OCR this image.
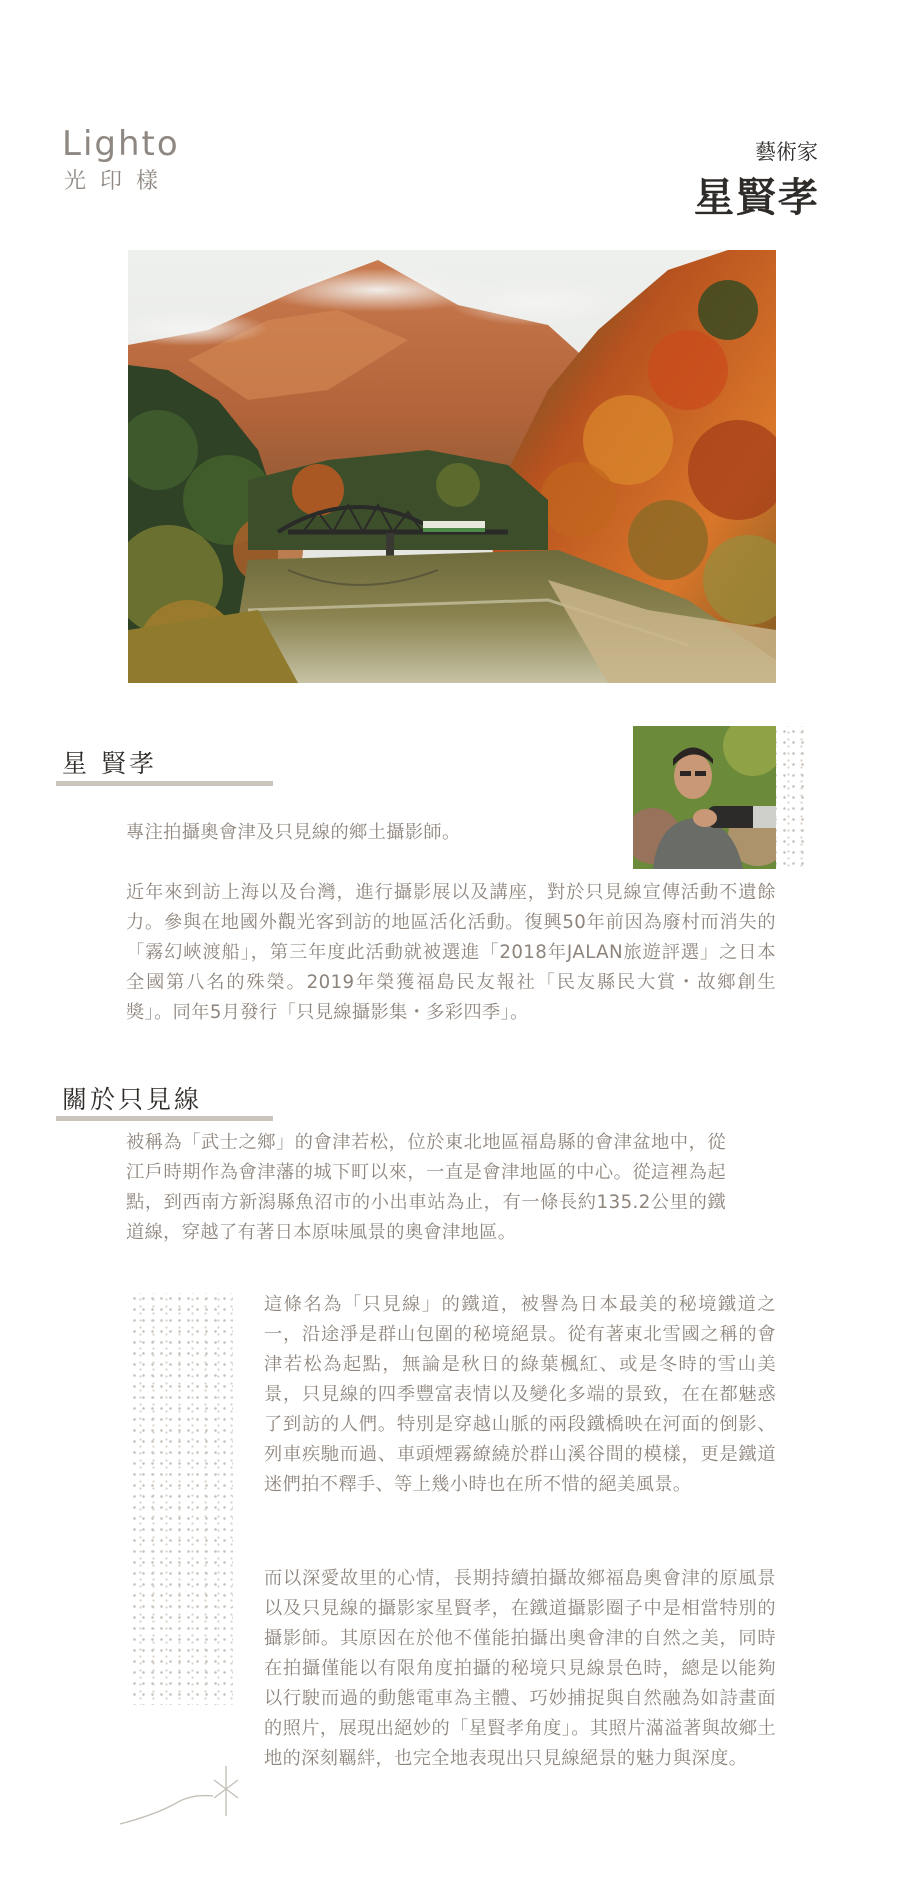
Lighto
光印樣
藝術家
星賢孝
星 賢孝
專注拍攝奧會津及只見線的鄉土攝影師。
近年來到訪上海以及台灣，進行攝影展以及講座，對於只見線宣傳活動不遺餘力。參與在地國外觀光客到訪的地區活化活動。復興50年前因為廢村而消失的「霧幻峽渡船」，第三年度此活動就被選進「2018年JALAN旅遊評選」之日本全國第八名的殊榮。2019年榮獲福島民友報社「民友縣民大賞・故鄉創生獎」。同年5月發行「只見線攝影集・多彩四季」。
關於只見線
被稱為「武士之鄉」的會津若松，位於東北地區福島縣的會津盆地中，從江戶時期作為會津藩的城下町以來，一直是會津地區的中心。從這裡為起點，到西南方新潟縣魚沼市的小出車站為止，有一條長約135.2公里的鐵道線，穿越了有著日本原味風景的奧會津地區。
這條名為「只見線」的鐵道，被譽為日本最美的秘境鐵道之一，沿途淨是群山包圍的秘境絕景。從有著東北雪國之稱的會津若松為起點，無論是秋日的綠葉楓紅、或是冬時的雪山美景，只見線的四季豐富表情以及變化多端的景致，在在都魅惑了到訪的人們。特別是穿越山脈的兩段鐵橋映在河面的倒影、列車疾馳而過、車頭煙霧繚繞於群山溪谷間的模樣，更是鐵道迷們拍不釋手、等上幾小時也在所不惜的絕美風景。
而以深愛故里的心情，長期持續拍攝故鄉福島奧會津的原風景以及只見線的攝影家星賢孝，在鐵道攝影圈子中是相當特別的攝影師。其原因在於他不僅能拍攝出奧會津的自然之美，同時在拍攝僅能以有限角度拍攝的秘境只見線景色時，總是以能夠以行駛而過的動態電車為主體、巧妙捕捉與自然融為如詩畫面的照片，展現出絕妙的「星賢孝角度」。其照片滿溢著與故鄉土地的深刻羈絆，也完全地表現出只見線絕景的魅力與深度。
